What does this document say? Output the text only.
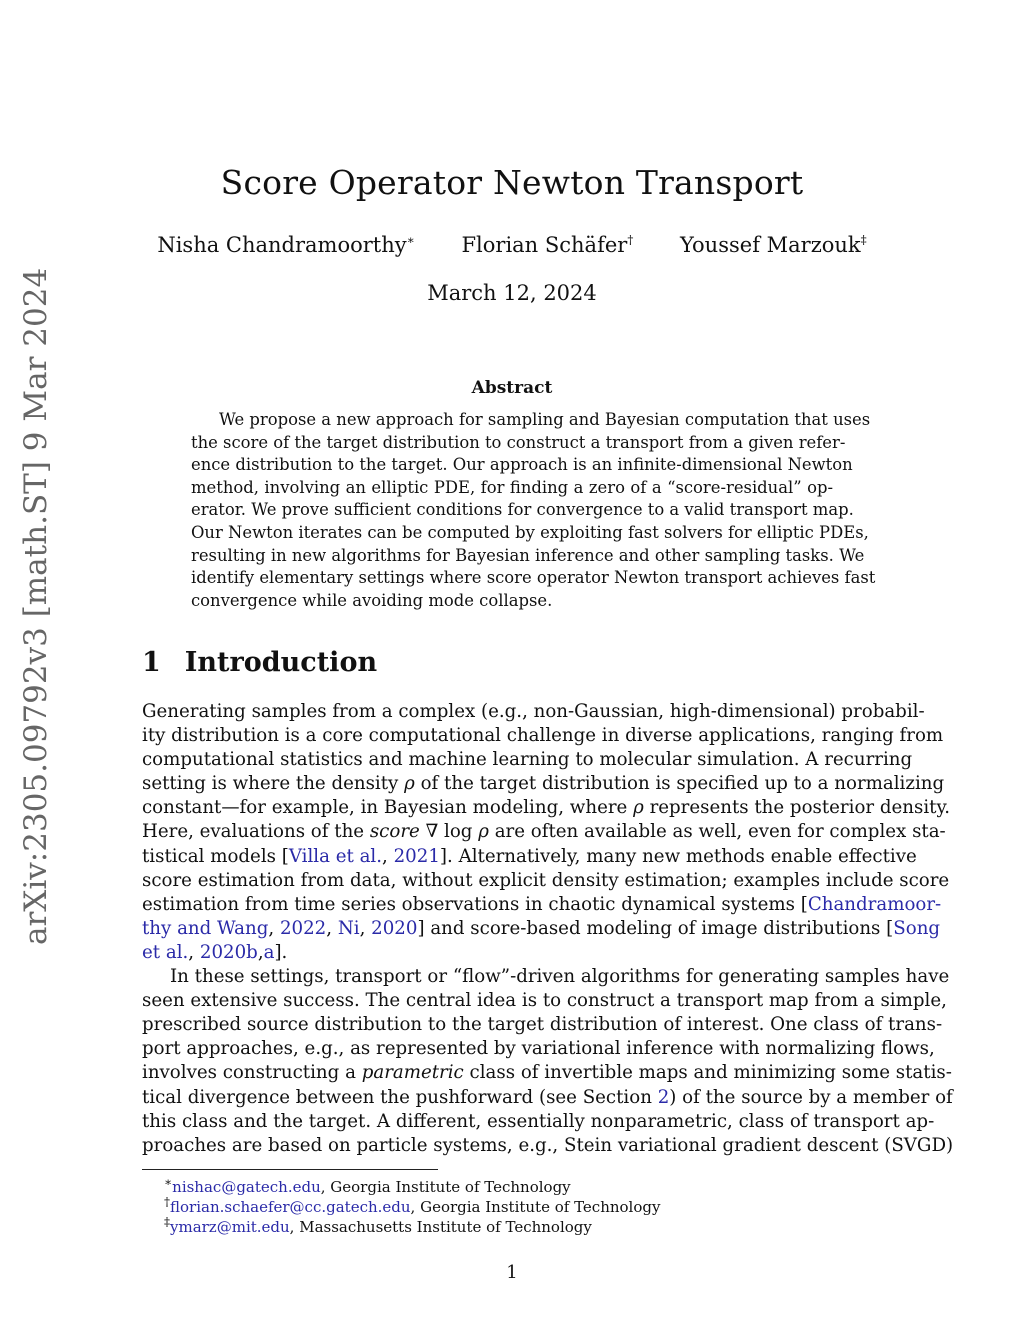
arXiv:2305.09792v3 [math.ST] 9 Mar 2024
Score Operator Newton Transport
Nisha Chandramoorthy∗ Florian Schäfer† Youssef Marzouk‡
March 12, 2024
Abstract
We propose a new approach for sampling and Bayesian computation that uses
the score of the target distribution to construct a transport from a given refer-
ence distribution to the target. Our approach is an infinite-dimensional Newton
method, involving an elliptic PDE, for finding a zero of a “score-residual” op-
erator. We prove sufficient conditions for convergence to a valid transport map.
Our Newton iterates can be computed by exploiting fast solvers for elliptic PDEs,
resulting in new algorithms for Bayesian inference and other sampling tasks. We
identify elementary settings where score operator Newton transport achieves fast
convergence while avoiding mode collapse.
1 Introduction
Generating samples from a complex (e.g., non-Gaussian, high-dimensional) probabil-
ity distribution is a core computational challenge in diverse applications, ranging from
computational statistics and machine learning to molecular simulation. A recurring
setting is where the density ρ of the target distribution is specified up to a normalizing
constant—for example, in Bayesian modeling, where ρ represents the posterior density.
Here, evaluations of the score ∇ log ρ are often available as well, even for complex sta-
tistical models [Villa et al., 2021]. Alternatively, many new methods enable effective
score estimation from data, without explicit density estimation; examples include score
estimation from time series observations in chaotic dynamical systems [Chandramoor-
thy and Wang, 2022, Ni, 2020] and score-based modeling of image distributions [Song
et al., 2020b,a].
In these settings, transport or “flow”-driven algorithms for generating samples have
seen extensive success. The central idea is to construct a transport map from a simple,
prescribed source distribution to the target distribution of interest. One class of trans-
port approaches, e.g., as represented by variational inference with normalizing flows,
involves constructing a parametric class of invertible maps and minimizing some statis-
tical divergence between the pushforward (see Section 2) of the source by a member of
this class and the target. A different, essentially nonparametric, class of transport ap-
proaches are based on particle systems, e.g., Stein variational gradient descent (SVGD)
∗nishac@gatech.edu, Georgia Institute of Technology
†florian.schaefer@cc.gatech.edu, Georgia Institute of Technology
‡ymarz@mit.edu, Massachusetts Institute of Technology
1
